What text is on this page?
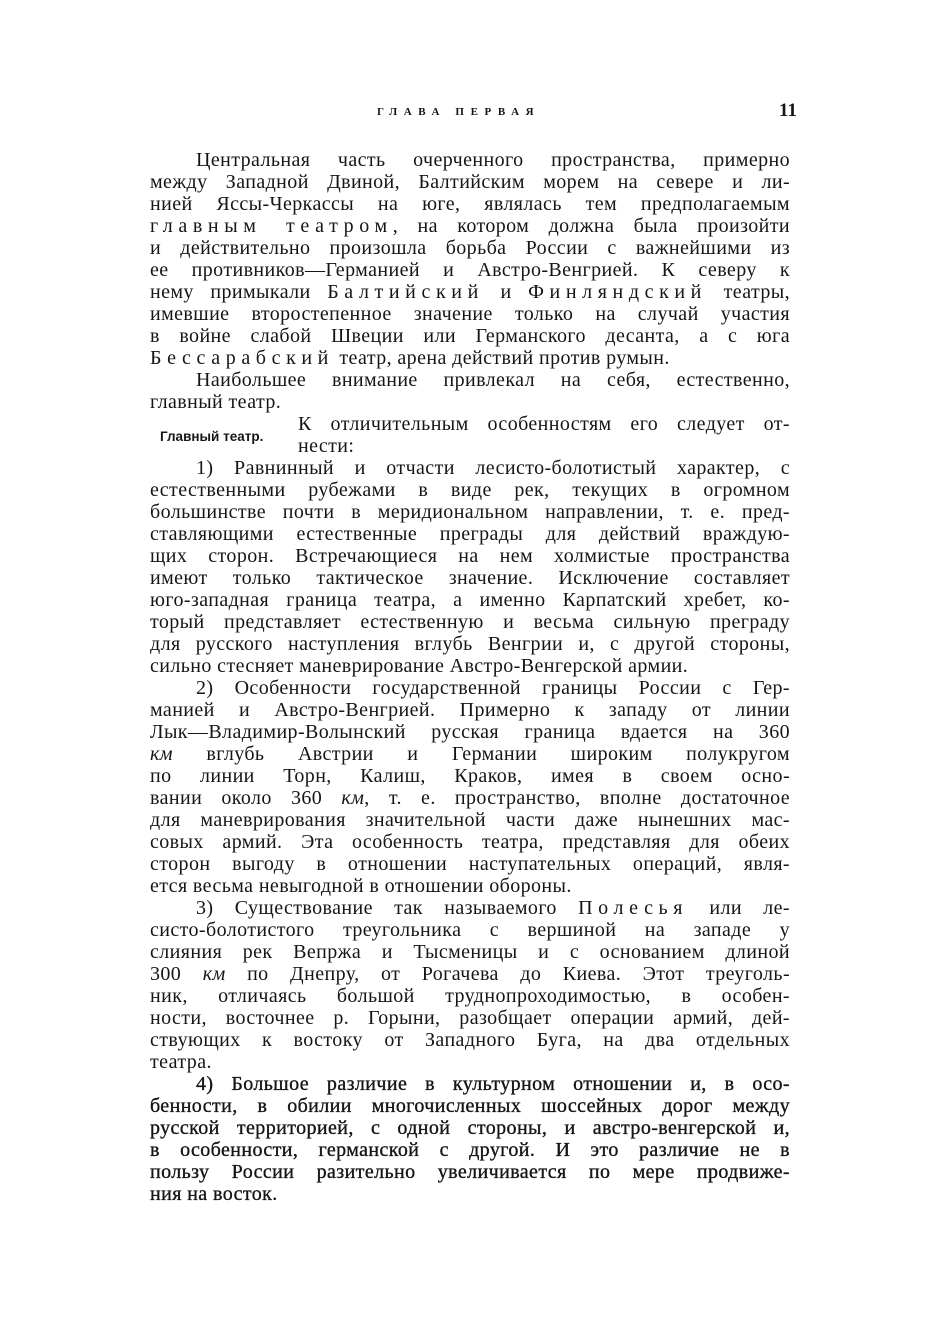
ГЛАВА ПЕРВАЯ	11
Центральная часть очерченного пространства, примерно
между Западной Двиной, Балтийским морем на севере и ли-
нией Яссы-Черкассы на юге, являлась тем предполагаемым
главным театром, на котором должна была произойти
и действительно произошла борьба России с важнейшими из
ее противников—Германией и Австро-Венгрией. К северу к
нему примыкали Балтийский и Финляндский театры,
имевшие второстепенное значение только на случай участия
в войне слабой Швеции или Германского десанта, а с юга
Бессарабский театр, арена действий против румын.
Наибольшее внимание привлекал на себя, естественно,
главный театр.
Главный театр.
К отличительным особенностям его следует от-
нести:
1) Равнинный и отчасти лесисто-болотистый характер, с
естественными рубежами в виде рек, текущих в огромном
большинстве почти в меридиональном направлении, т. е. пред-
ставляющими естественные преграды для действий враждую-
щих сторон. Встречающиеся на нем холмистые пространства
имеют только тактическое значение. Исключение составляет
юго-западная граница театра, а именно Карпатский хребет, ко-
торый представляет естественную и весьма сильную преграду
для русского наступления вглубь Венгрии и, с другой стороны,
сильно стесняет маневрирование Австро-Венгерской армии.
2) Особенности государственной границы России с Гер-
манией и Австро-Венгрией. Примерно к западу от линии
Лык—Владимир-Волынский русская граница вдается на 360
км вглубь Австрии и Германии широким полукругом
по линии Торн, Калиш, Краков, имея в своем осно-
вании около 360 км, т. е. пространство, вполне достаточное
для маневрирования значительной части даже нынешних мас-
совых армий. Эта особенность театра, представляя для обеих
сторон выгоду в отношении наступательных операций, явля-
ется весьма невыгодной в отношении обороны.
3) Существование так называемого Полесья или ле-
систо-болотистого треугольника с вершиной на западе у
слияния рек Вепржа и Тысменицы и с основанием длиной
300 км по Днепру, от Рогачева до Киева. Этот треуголь-
ник, отличаясь большой труднопроходимостью, в особен-
ности, восточнее р. Горыни, разобщает операции армий, дей-
ствующих к востоку от Западного Буга, на два отдельных
театра.
4) Большое различие в культурном отношении и, в осо-
бенности, в обилии многочисленных шоссейных дорог между
русской территорией, с одной стороны, и австро-венгерской и,
в особенности, германской с другой. И это различие не в
пользу России разительно увеличивается по мере продвиже-
ния на восток.
